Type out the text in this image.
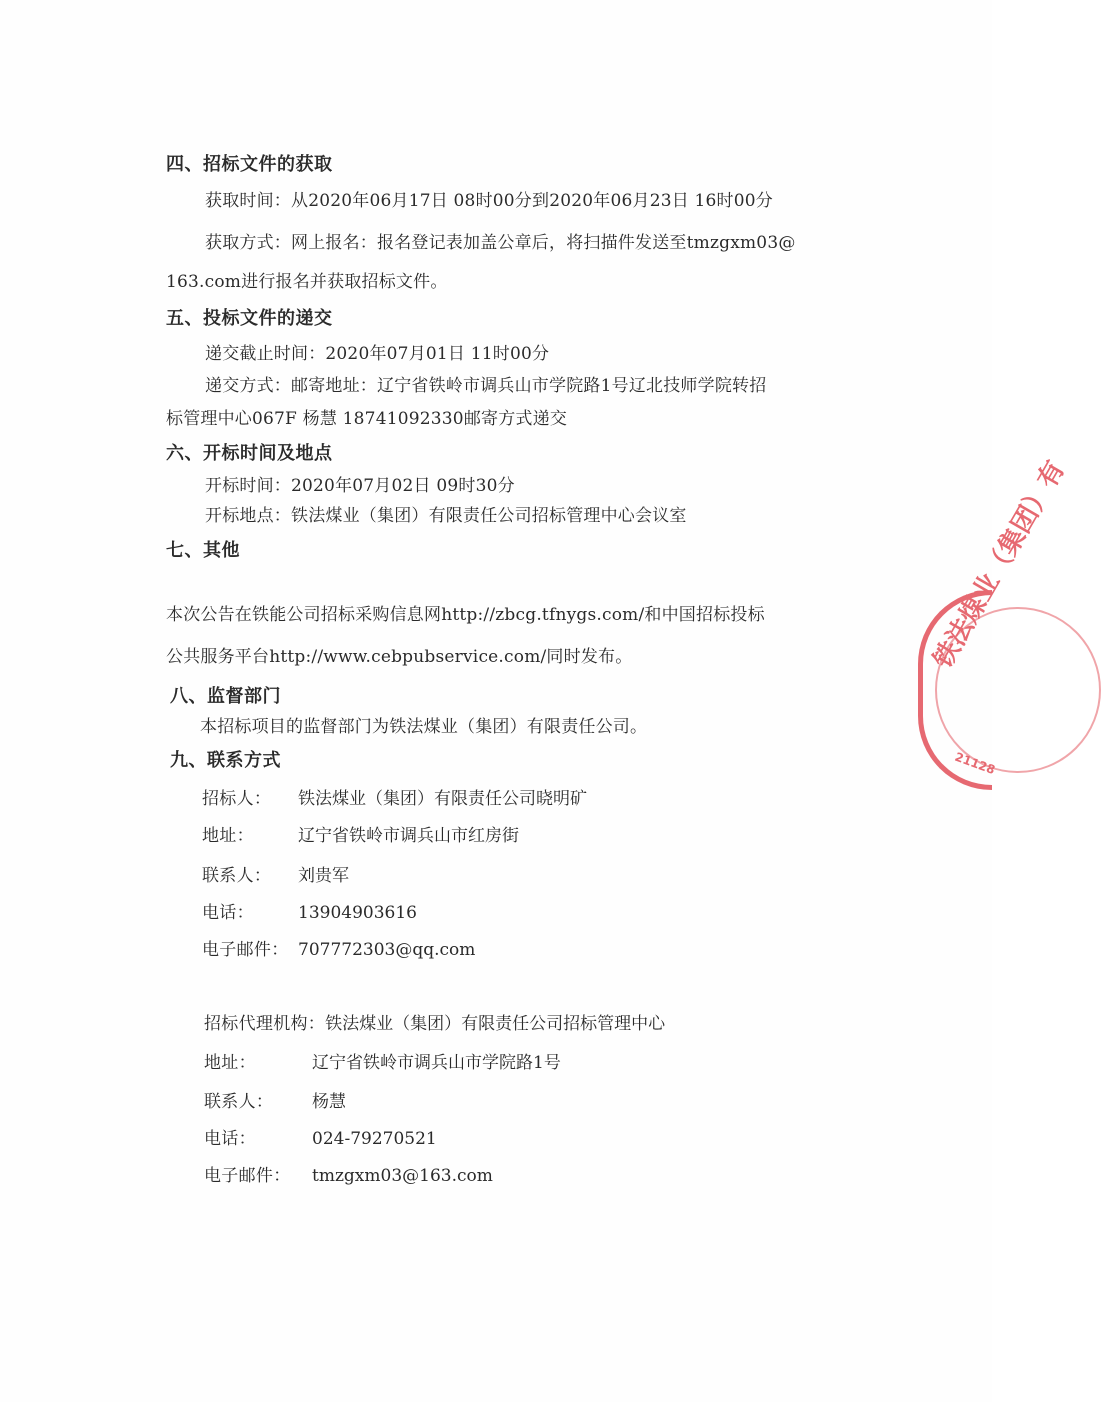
四、招标文件的获取
获取时间：从2020年06月17日 08时00分到2020年06月23日 16时00分
获取方式：网上报名：报名登记表加盖公章后，将扫描件发送至tmzgxm03@
163.com进行报名并获取招标文件。
五、投标文件的递交
递交截止时间：2020年07月01日 11时00分
递交方式：邮寄地址：辽宁省铁岭市调兵山市学院路1号辽北技师学院转招
标管理中心067F 杨慧 18741092330邮寄方式递交
六、开标时间及地点
开标时间：2020年07月02日 09时30分
开标地点：铁法煤业（集团）有限责任公司招标管理中心会议室
七、其他
本次公告在铁能公司招标采购信息网http://zbcg.tfnygs.com/和中国招标投标
公共服务平台http://www.cebpubservice.com/同时发布。
八、监督部门
本招标项目的监督部门为铁法煤业（集团）有限责任公司。
九、联系方式
招标人： 铁法煤业（集团）有限责任公司晓明矿
地址：	辽宁省铁岭市调兵山市红房街
联系人： 刘贵军
电话：	13904903616
电子邮件： 707772303@qq.com
招标代理机构：铁法煤业（集团）有限责任公司招标管理中心
地址：	辽宁省铁岭市调兵山市学院路1号
联系人： 杨慧
电话：	024-79270521
电子邮件： tmzgxm03@163.com
铁法煤业（集团）有
21128
